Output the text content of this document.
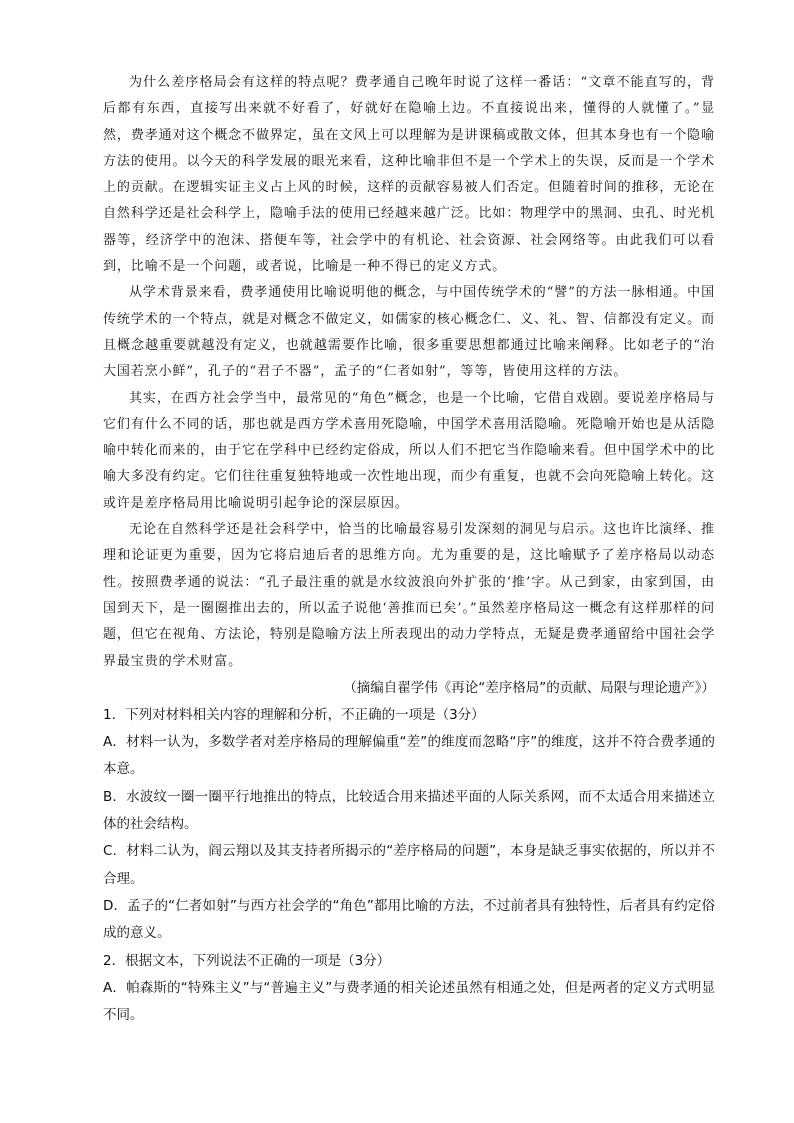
为什么差序格局会有这样的特点呢？费孝通自己晚年时说了这样一番话：“文章不能直写的，背后都有东西，直接写出来就不好看了，好就好在隐喻上边。不直接说出来，懂得的人就懂了。”显然，费孝通对这个概念不做界定，虽在文风上可以理解为是讲课稿或散文体，但其本身也有一个隐喻方法的使用。以今天的科学发展的眼光来看，这种比喻非但不是一个学术上的失误，反而是一个学术上的贡献。在逻辑实证主义占上风的时候，这样的贡献容易被人们否定。但随着时间的推移，无论在自然科学还是社会科学上，隐喻手法的使用已经越来越广泛。比如：物理学中的黑洞、虫孔、时光机器等，经济学中的泡沫、搭便车等，社会学中的有机论、社会资源、社会网络等。由此我们可以看到，比喻不是一个问题，或者说，比喻是一种不得已的定义方式。

从学术背景来看，费孝通使用比喻说明他的概念，与中国传统学术的“譬”的方法一脉相通。中国传统学术的一个特点，就是对概念不做定义，如儒家的核心概念仁、义、礼、智、信都没有定义。而且概念越重要就越没有定义，也就越需要作比喻，很多重要思想都通过比喻来阐释。比如老子的“治大国若烹小鲜”，孔子的“君子不器”，孟子的“仁者如射”，等等，皆使用这样的方法。

其实，在西方社会学当中，最常见的“角色”概念，也是一个比喻，它借自戏剧。要说差序格局与它们有什么不同的话，那也就是西方学术喜用死隐喻，中国学术喜用活隐喻。死隐喻开始也是从活隐喻中转化而来的，由于它在学科中已经约定俗成，所以人们不把它当作隐喻来看。但中国学术中的比喻大多没有约定。它们往往重复独特地或一次性地出现，而少有重复，也就不会向死隐喻上转化。这或许是差序格局用比喻说明引起争论的深层原因。

无论在自然科学还是社会科学中，恰当的比喻最容易引发深刻的洞见与启示。这也许比演绎、推理和论证更为重要，因为它将启迪后者的思维方向。尤为重要的是，这比喻赋予了差序格局以动态性。按照费孝通的说法：“孔子最注重的就是水纹波浪向外扩张的‘推’字。从己到家，由家到国，由国到天下，是一圈圈推出去的，所以孟子说他‘善推而已矣’。”虽然差序格局这一概念有这样那样的问题，但它在视角、方法论，特别是隐喻方法上所表现出的动力学特点，无疑是费孝通留给中国社会学界最宝贵的学术财富。

（摘编自翟学伟《再论“差序格局”的贡献、局限与理论遗产》）

1．下列对材料相关内容的理解和分析，不正确的一项是（3分）

A．材料一认为，多数学者对差序格局的理解偏重“差”的维度而忽略“序”的维度，这并不符合费孝通的本意。

B．水波纹一圈一圈平行地推出的特点，比较适合用来描述平面的人际关系网，而不太适合用来描述立体的社会结构。

C．材料二认为，阎云翔以及其支持者所揭示的“差序格局的问题”，本身是缺乏事实依据的，所以并不合理。

D．孟子的“仁者如射”与西方社会学的“角色”都用比喻的方法，不过前者具有独特性，后者具有约定俗成的意义。

2．根据文本，下列说法不正确的一项是（3分）

A．帕森斯的“特殊主义”与“普遍主义”与费孝通的相关论述虽然有相通之处，但是两者的定义方式明显不同。
